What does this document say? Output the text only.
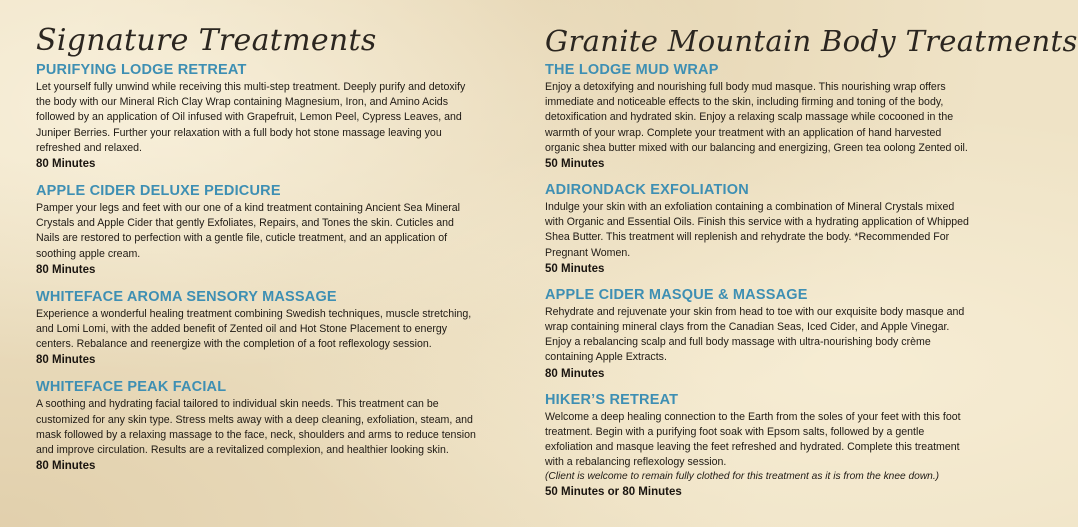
Signature Treatments
PURIFYING LODGE RETREAT
Let yourself fully unwind while receiving this multi-step treatment. Deeply purify and detoxify the body with our Mineral Rich Clay Wrap containing Magnesium, Iron, and Amino Acids followed by an application of Oil infused with Grapefruit, Lemon Peel, Cypress Leaves, and Juniper Berries. Further your relaxation with a full body hot stone massage leaving you refreshed and relaxed.
80 Minutes
APPLE CIDER DELUXE PEDICURE
Pamper your legs and feet with our one of a kind treatment containing Ancient Sea Mineral Crystals and Apple Cider that gently Exfoliates, Repairs, and Tones the skin. Cuticles and Nails are restored to perfection with a gentle file, cuticle treatment, and an application of soothing apple cream.
80 Minutes
WHITEFACE AROMA SENSORY MASSAGE
Experience a wonderful healing treatment combining Swedish techniques, muscle stretching, and Lomi Lomi, with the added benefit of Zented oil and Hot Stone Placement to energy centers. Rebalance and reenergize with the completion of a foot reflexology session.
80 Minutes
WHITEFACE PEAK FACIAL
A soothing and hydrating facial tailored to individual skin needs. This treatment can be customized for any skin type. Stress melts away with a deep cleaning, exfoliation, steam, and mask followed by a relaxing massage to the face, neck, shoulders and arms to reduce tension and improve circulation. Results are a revitalized complexion, and healthier looking skin.
80 Minutes
Granite Mountain Body Treatments
THE LODGE MUD WRAP
Enjoy a detoxifying and nourishing full body mud masque. This nourishing wrap offers immediate and noticeable effects to the skin, including firming and toning of the body, detoxification and hydrated skin. Enjoy a relaxing scalp massage while cocooned in the warmth of your wrap. Complete your treatment with an application of hand harvested organic shea butter mixed with our balancing and energizing, Green tea oolong Zented oil.
50 Minutes
ADIRONDACK EXFOLIATION
Indulge your skin with an exfoliation containing a combination of Mineral Crystals mixed with Organic and Essential Oils. Finish this service with a hydrating application of Whipped Shea Butter. This treatment will replenish and rehydrate the body. *Recommended For Pregnant Women.
50 Minutes
APPLE CIDER MASQUE & MASSAGE
Rehydrate and rejuvenate your skin from head to toe with our exquisite body masque and wrap containing mineral clays from the Canadian Seas, Iced Cider, and Apple Vinegar. Enjoy a rebalancing scalp and full body massage with ultra-nourishing body crème containing Apple Extracts.
80 Minutes
HIKER’S RETREAT
Welcome a deep healing connection to the Earth from the soles of your feet with this foot treatment. Begin with a purifying foot soak with Epsom salts, followed by a gentle exfoliation and masque leaving the feet refreshed and hydrated. Complete this treatment with a rebalancing reflexology session.
(Client is welcome to remain fully clothed for this treatment as it is from the knee down.)
50 Minutes or 80 Minutes
